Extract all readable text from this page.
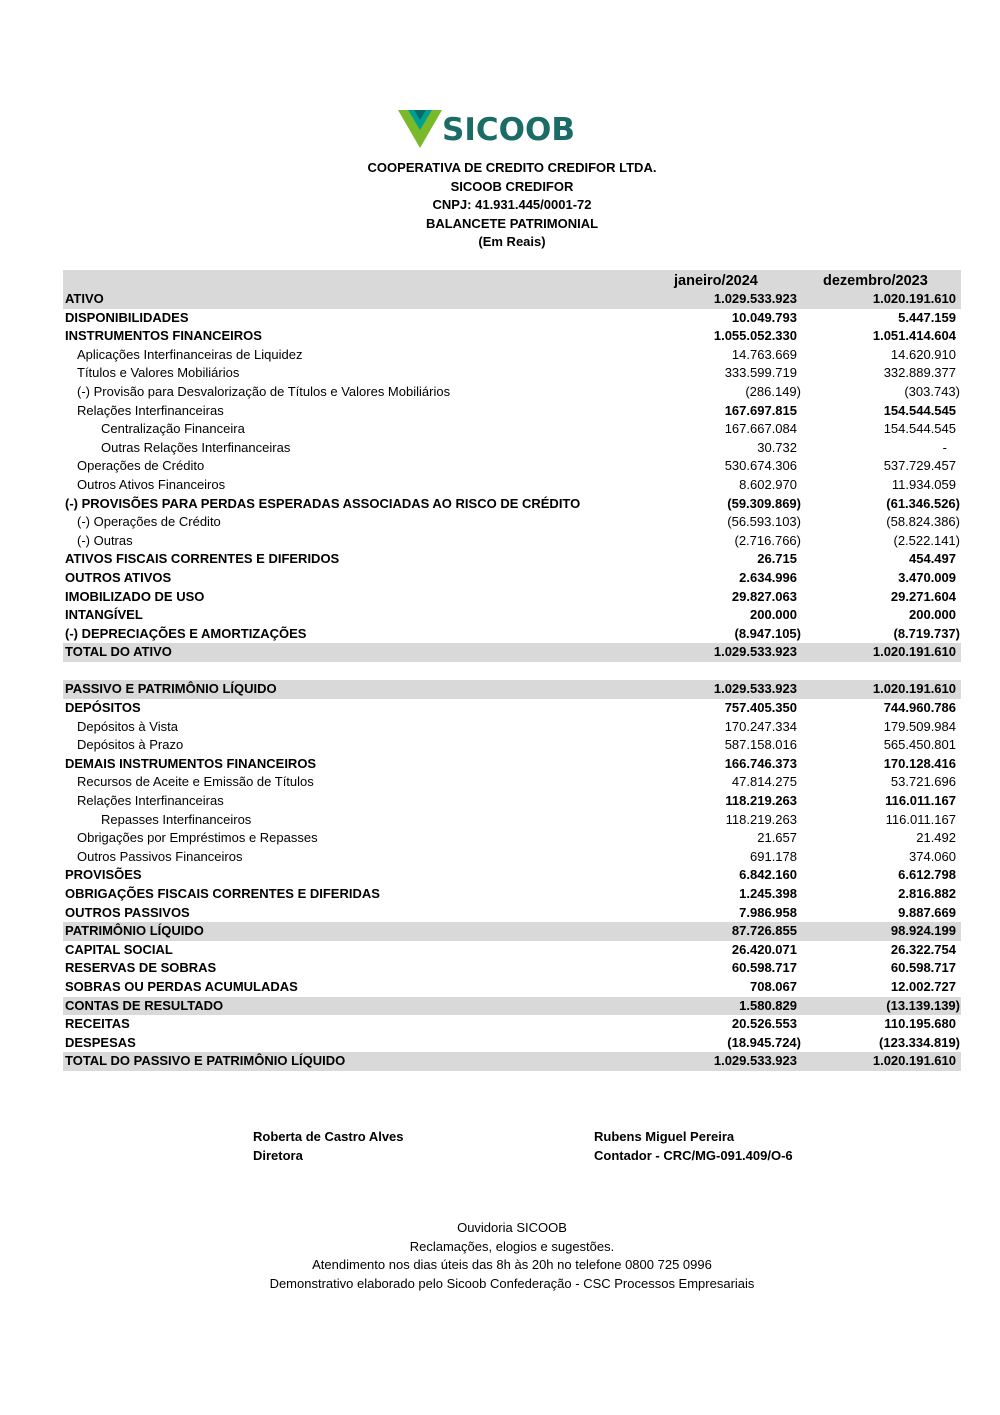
SICOOB
COOPERATIVA DE CREDITO CREDIFOR LTDA.
SICOOB CREDIFOR
CNPJ: 41.931.445/0001-72
BALANCETE PATRIMONIAL
(Em Reais)
janeiro/2024	dezembro/2023
ATIVO	1.029.533.923	1.020.191.610
DISPONIBILIDADES	10.049.793	5.447.159
INSTRUMENTOS FINANCEIROS	1.055.052.330	1.051.414.604
Aplicações Interfinanceiras de Liquidez	14.763.669	14.620.910
Títulos e Valores Mobiliários	333.599.719	332.889.377
(-) Provisão para Desvalorização de Títulos e Valores Mobiliários	(286.149)	(303.743)
Relações Interfinanceiras	167.697.815	154.544.545
Centralização Financeira	167.667.084	154.544.545
Outras Relações Interfinanceiras	30.732	-
Operações de Crédito	530.674.306	537.729.457
Outros Ativos Financeiros	8.602.970	11.934.059
(-) PROVISÕES PARA PERDAS ESPERADAS ASSOCIADAS AO RISCO DE CRÉDITO	(59.309.869)	(61.346.526)
(-) Operações de Crédito	(56.593.103)	(58.824.386)
(-) Outras	(2.716.766)	(2.522.141)
ATIVOS FISCAIS CORRENTES E DIFERIDOS	26.715	454.497
OUTROS ATIVOS	2.634.996	3.470.009
IMOBILIZADO DE USO	29.827.063	29.271.604
INTANGÍVEL	200.000	200.000
(-) DEPRECIAÇÕES E AMORTIZAÇÕES	(8.947.105)	(8.719.737)
TOTAL DO ATIVO	1.029.533.923	1.020.191.610
PASSIVO E PATRIMÔNIO LÍQUIDO	1.029.533.923	1.020.191.610
DEPÓSITOS	757.405.350	744.960.786
Depósitos à Vista	170.247.334	179.509.984
Depósitos à Prazo	587.158.016	565.450.801
DEMAIS INSTRUMENTOS FINANCEIROS	166.746.373	170.128.416
Recursos de Aceite e Emissão de Títulos	47.814.275	53.721.696
Relações Interfinanceiras	118.219.263	116.011.167
Repasses Interfinanceiros	118.219.263	116.011.167
Obrigações por Empréstimos e Repasses	21.657	21.492
Outros Passivos Financeiros	691.178	374.060
PROVISÕES	6.842.160	6.612.798
OBRIGAÇÕES FISCAIS CORRENTES E DIFERIDAS	1.245.398	2.816.882
OUTROS PASSIVOS	7.986.958	9.887.669
PATRIMÔNIO LÍQUIDO	87.726.855	98.924.199
CAPITAL SOCIAL	26.420.071	26.322.754
RESERVAS DE SOBRAS	60.598.717	60.598.717
SOBRAS OU PERDAS ACUMULADAS	708.067	12.002.727
CONTAS DE RESULTADO	1.580.829	(13.139.139)
RECEITAS	20.526.553	110.195.680
DESPESAS	(18.945.724)	(123.334.819)
TOTAL DO PASSIVO E PATRIMÔNIO LÍQUIDO	1.029.533.923	1.020.191.610
Roberta de Castro Alves
Diretora
Rubens Miguel Pereira
Contador - CRC/MG-091.409/O-6
Ouvidoria SICOOB
Reclamações, elogios e sugestões.
Atendimento nos dias úteis das 8h às 20h no telefone 0800 725 0996
Demonstrativo elaborado pelo Sicoob Confederação - CSC Processos Empresariais
